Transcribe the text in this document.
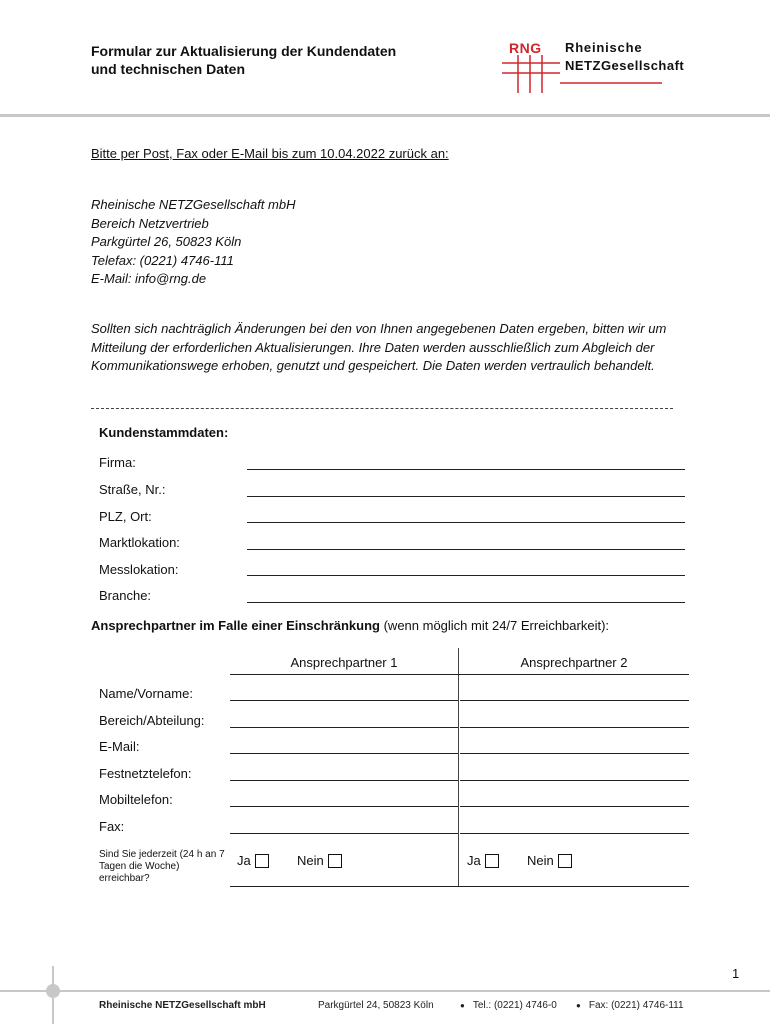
Formular zur Aktualisierung der Kundendaten
und technischen Daten
RNG Rheinische
NETZGesellschaft
Bitte per Post, Fax oder E-Mail bis zum 10.04.2022 zurück an:
Rheinische NETZGesellschaft mbH
Bereich Netzvertrieb
Parkgürtel 26, 50823 Köln
Telefax: (0221) 4746-111
E-Mail: info@rng.de

Sollten sich nachträglich Änderungen bei den von Ihnen angegebenen Daten ergeben, bitten wir um Mitteilung der erforderlichen Aktualisierungen. Ihre Daten werden ausschließlich zum Abgleich der Kommunikationswege erhoben, genutzt und gespeichert. Die Daten werden vertraulich behandelt.

Kundenstammdaten:
Firma:
Straße, Nr.:
PLZ, Ort:
Marktlokation:
Messlokation:
Branche:
Ansprechpartner im Falle einer Einschränkung (wenn möglich mit 24/7 Erreichbarkeit):
Ansprechpartner 1	Ansprechpartner 2
Name/Vorname:
Bereich/Abteilung:
E-Mail:
Festnetztelefon:
Mobiltelefon:
Fax:
Sind Sie jederzeit (24 h an 7 Tagen die Woche) erreichbar?
Ja	Nein	Ja	Nein
1
Rheinische NETZGesellschaft mbH	Parkgürtel 24, 50823 Köln	● Tel.: (0221) 4746-0 ● Fax: (0221) 4746-111
